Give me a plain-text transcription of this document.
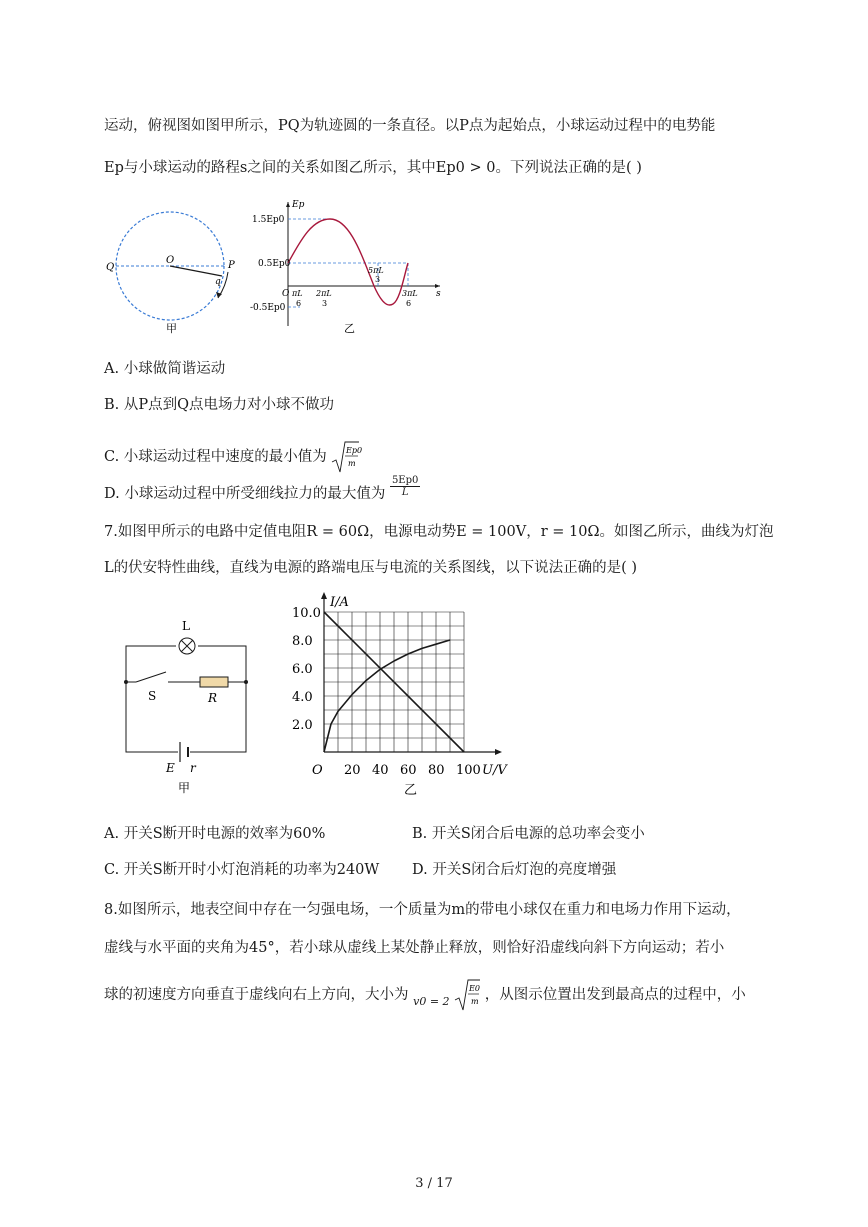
运动，俯视图如图甲所示，PQ为轨迹圆的一条直径。以P点为起始点，小球运动过程中的电势能
Ep与小球运动的路程s之间的关系如图乙所示，其中Ep0 > 0。下列说法正确的是( )
Q
O	P
q
甲
Ep
s
1.5Ep0
0.5Ep0
-0.5Ep0
O πL
6
2πL
3
5πL
3
3πL
6
乙
A. 小球做简谐运动
B. 从P点到Q点电场力对小球不做功
C. 小球运动过程中速度的最小值为 Ep0
m
D. 小球运动过程中所受细线拉力的最大值为 $\frac{5Ep0}{L}$
7.如图甲所示的电路中定值电阻R = 60Ω，电源电动势E = 100V，r = 10Ω。如图乙所示，曲线为灯泡
L的伏安特性曲线，直线为电源的路端电压与电流的关系图线，以下说法正确的是( )
L
S	R
E r
甲
I/A
U/V
O
乙
20 40 60 80 100
10.0
8.0
6.0
4.0
2.0
A. 开关S断开时电源的效率为60%	B. 开关S闭合后电源的总功率会变小
C. 开关S断开时小灯泡消耗的功率为240W D. 开关S闭合后灯泡的亮度增强
8.如图所示，地表空间中存在一匀强电场，一个质量为m的带电小球仅在重力和电场力作用下运动，
虚线与水平面的夹角为45°，若小球从虚线上某处静止释放，则恰好沿虚线向斜下方向运动；若小
球的初速度方向垂直于虚线向右上方向，大小为 $_{v0 = 2}$
E0
m ，从图示位置出发到最高点的过程中，小
3 / 17
